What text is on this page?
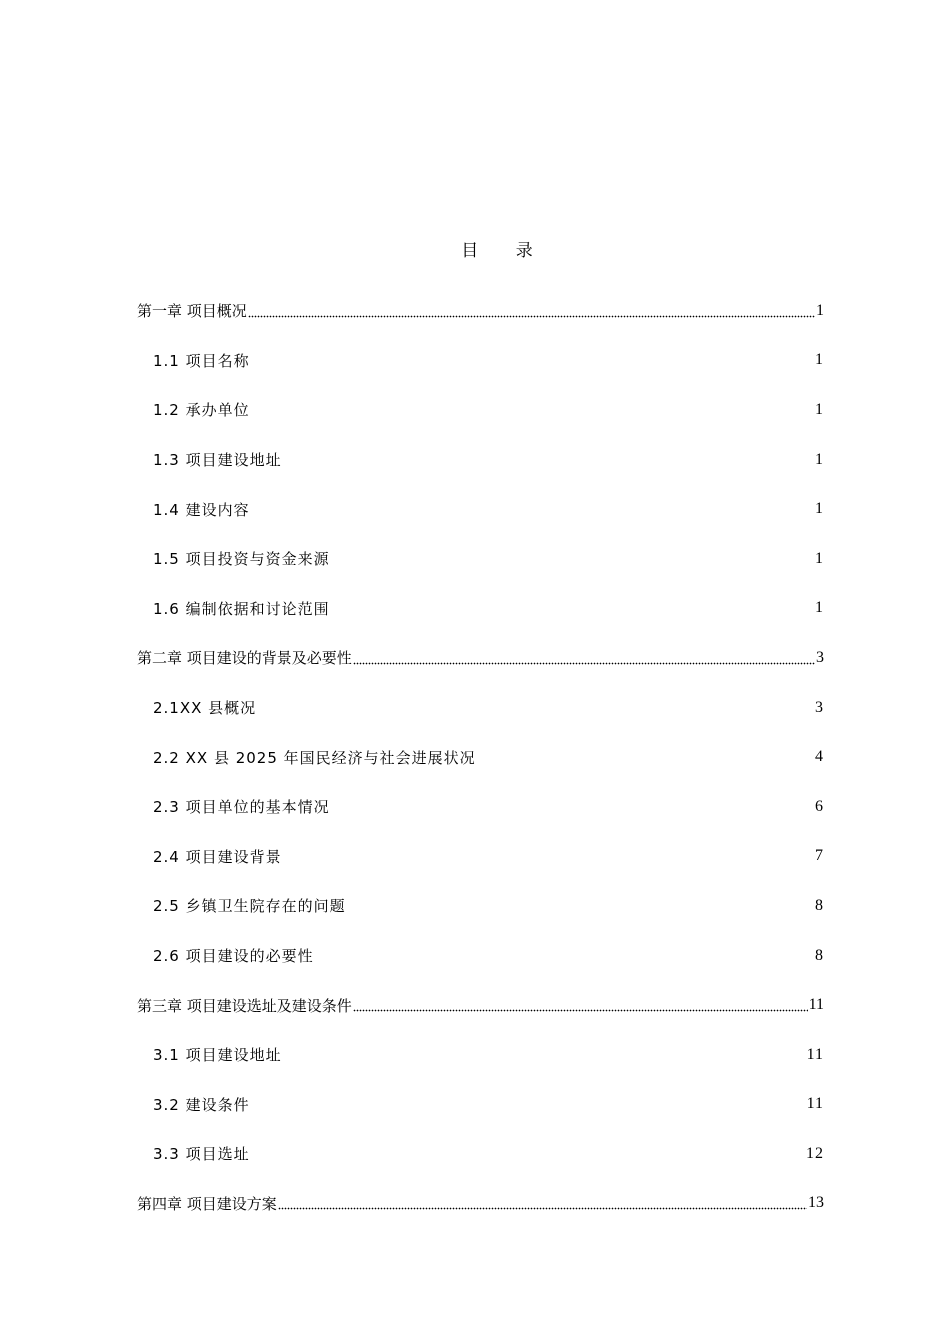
目 录
第一章 项目概况	1
1.1 项目名称	1
1.2 承办单位	1
1.3 项目建设地址	1
1.4 建设内容	1
1.5 项目投资与资金来源	1
1.6 编制依据和讨论范围	1
第二章 项目建设的背景及必要性	3
2.1XX 县概况	3
2.2 XX 县 2025 年国民经济与社会进展状况	4
2.3 项目单位的基本情况	6
2.4 项目建设背景	7
2.5 乡镇卫生院存在的问题	8
2.6 项目建设的必要性	8
第三章 项目建设选址及建设条件	11
3.1 项目建设地址	11
3.2 建设条件	11
3.3 项目选址	12
第四章 项目建设方案	13
